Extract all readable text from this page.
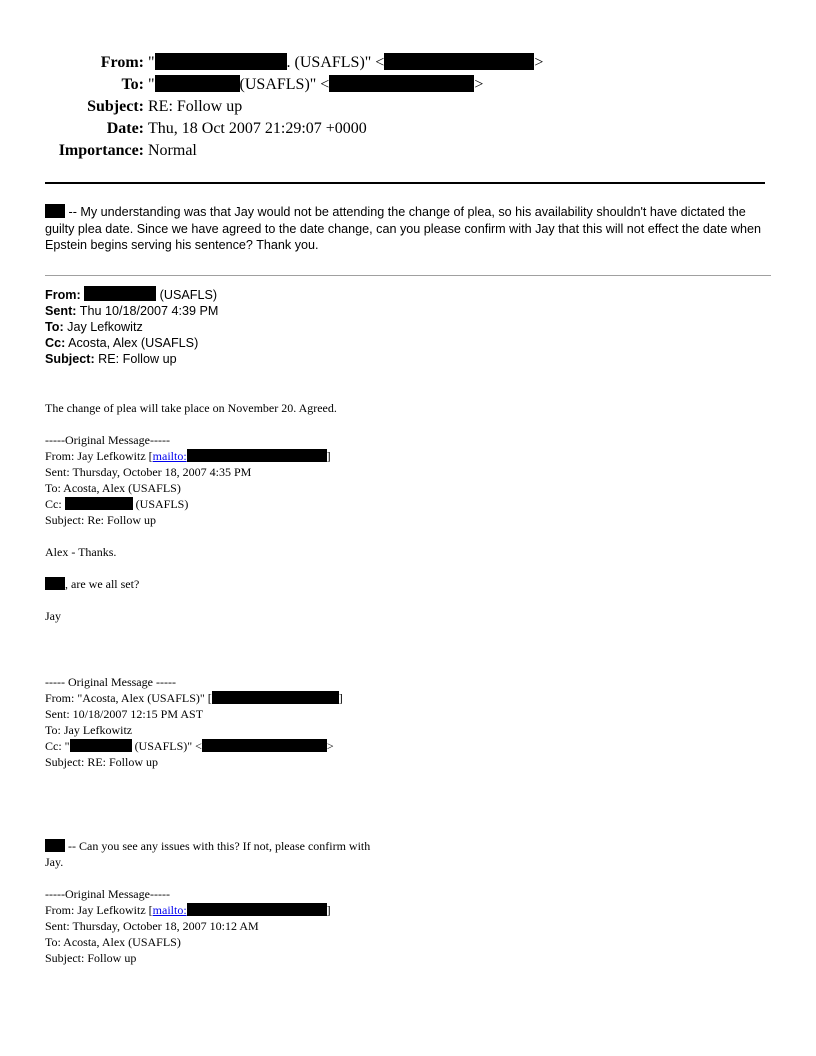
From: "	. (USAFLS)" <	>
To: "	(USAFLS)" <	>
Subject: RE: Follow up
Date: Thu, 18 Oct 2007 21:29:07 +0000
Importance: Normal
-- My understanding was that Jay would not be attending the change of plea, so his availability shouldn't have dictated the guilty plea date. Since we have agreed to the date change, can you please confirm with Jay that this will not effect the date when Epstein begins serving his sentence? Thank you.
From:	(USAFLS)
Sent: Thu 10/18/2007 4:39 PM
To: Jay Lefkowitz
Cc: Acosta, Alex (USAFLS)
Subject: RE: Follow up
The change of plea will take place on November 20. Agreed.
-----Original Message-----
From: Jay Lefkowitz [mailto:	]
Sent: Thursday, October 18, 2007 4:35 PM
To: Acosta, Alex (USAFLS)
Cc:	(USAFLS)
Subject: Re: Follow up
Alex - Thanks.
, are we all set?
Jay
----- Original Message -----
From: "Acosta, Alex (USAFLS)" [	]
Sent: 10/18/2007 12:15 PM AST
To: Jay Lefkowitz
Cc: "	(USAFLS)" <	>
Subject: RE: Follow up
-- Can you see any issues with this? If not, please confirm with
Jay.
-----Original Message-----
From: Jay Lefkowitz [mailto:	]
Sent: Thursday, October 18, 2007 10:12 AM
To: Acosta, Alex (USAFLS)
Subject: Follow up
